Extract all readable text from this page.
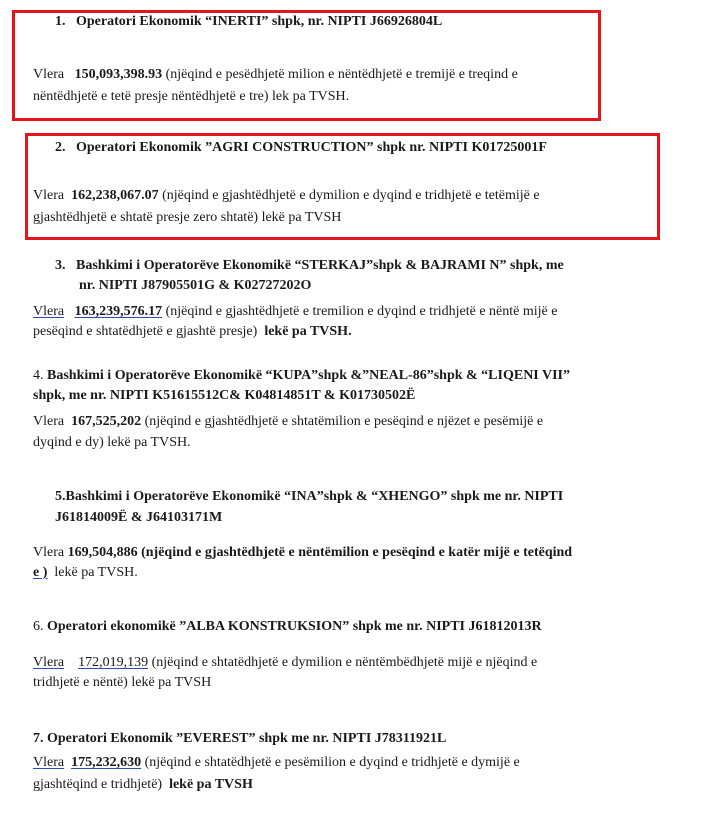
1. Operatori Ekonomik “INERTI” shpk, nr. NIPTI J66926804L
Vlera 150,093,398.93 (njëqind e pesëdhjetë milion e nëntëdhjetë e tremijë e treqind e
nëntëdhjetë e tetë presje nëntëdhjetë e tre) lek pa TVSH.
2. Operatori Ekonomik ”AGRI CONSTRUCTION” shpk nr. NIPTI K01725001F
Vlera 162,238,067.07 (njëqind e gjashtëdhjetë e dymilion e dyqind e tridhjetë e tetëmijë e
gjashtëdhjetë e shtatë presje zero shtatë) lekë pa TVSH
3. Bashkimi i Operatorëve Ekonomikë “STERKAJ”shpk & BAJRAMI N” shpk, me
nr. NIPTI J87905501G & K02727202O
Vlera 163,239,576.17 (njëqind e gjashtëdhjetë e tremilion e dyqind e tridhjetë e nëntë mijë e
pesëqind e shtatëdhjetë e gjashtë presje) lekë pa TVSH.
4. Bashkimi i Operatorëve Ekonomikë “KUPA”shpk &”NEAL-86”shpk & “LIQENI VII”
shpk, me nr. NIPTI K51615512C& K04814851T & K01730502Ë
Vlera 167,525,202 (njëqind e gjashtëdhjetë e shtatëmilion e pesëqind e njëzet e pesëmijë e
dyqind e dy) lekë pa TVSH.
5.Bashkimi i Operatorëve Ekonomikë “INA”shpk & “XHENGO” shpk me nr. NIPTI
J61814009Ë & J64103171M
Vlera 169,504,886 (njëqind e gjashtëdhjetë e nëntëmilion e pesëqind e katër mijë e tetëqind
e ) lekë pa TVSH.
6. Operatori ekonomikë ”ALBA KONSTRUKSION” shpk me nr. NIPTI J61812013R
Vlera 172,019,139 (njëqind e shtatëdhjetë e dymilion e nëntëmbëdhjetë mijë e njëqind e
tridhjetë e nëntë) lekë pa TVSH
7. Operatori Ekonomik ”EVEREST” shpk me nr. NIPTI J78311921L
Vlera 175,232,630 (njëqind e shtatëdhjetë e pesëmilion e dyqind e tridhjetë e dymijë e
gjashtëqind e tridhjetë) lekë pa TVSH
